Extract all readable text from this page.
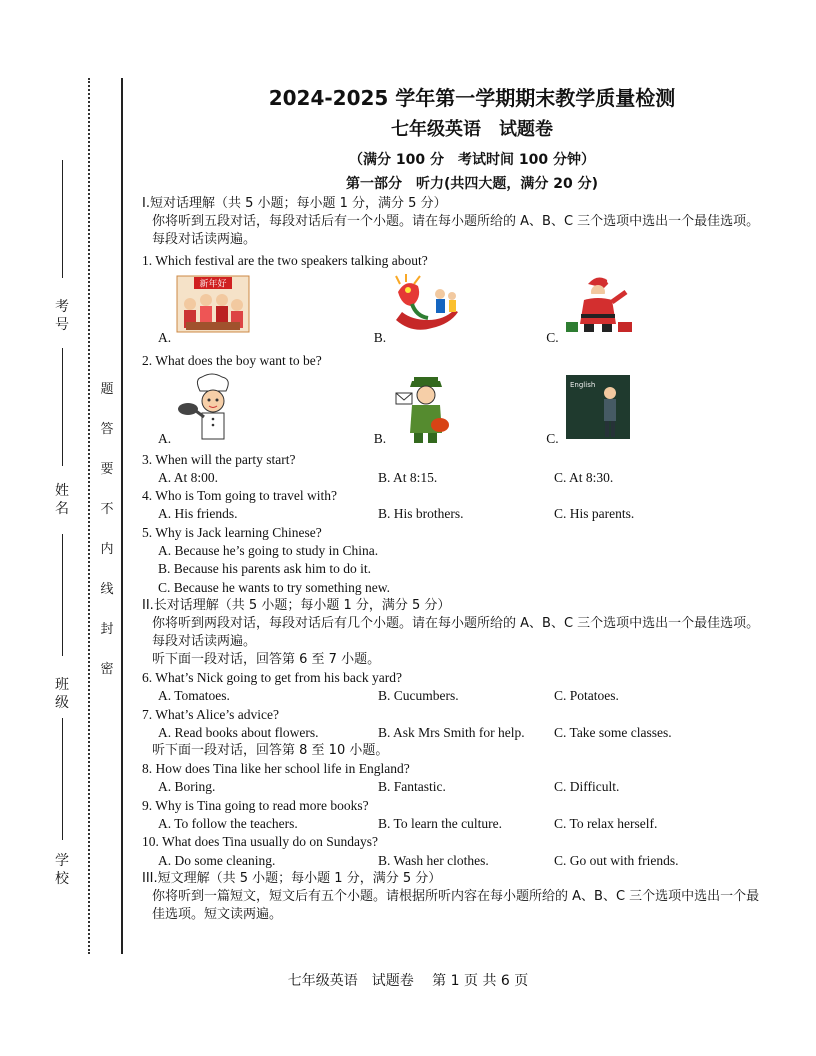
考号
姓名
班级
学校
题
答
要
不
内
线
封
密
2024-2025 学年第一学期期末教学质量检测
七年级英语　试题卷
（满分 100 分　考试时间 100 分钟）
第一部分　听力(共四大题，满分 20 分)
I.短对话理解（共 5 小题；每小题 1 分，满分 5 分）
你将听到五段对话，每段对话后有一个小题。请在每小题所给的 A、B、C 三个选项中选出一个最佳选项。每段对话读两遍。
1. Which festival are the two speakers talking about?
A.
新年好
B.	C.
2. What does the boy want to be?
A.	B.	C.
English
3. When will the party start?
A. At 8:00.	B. At 8:15.	C. At 8:30.
4. Who is Tom going to travel with?
A. His friends.	B. His brothers.	C. His parents.
5. Why is Jack learning Chinese?
A. Because he’s going to study in China.
B. Because his parents ask him to do it.
C. Because he wants to try something new.
II.长对话理解（共 5 小题；每小题 1 分，满分 5 分）
你将听到两段对话，每段对话后有几个小题。请在每小题所给的 A、B、C 三个选项中选出一个最佳选项。每段对话读两遍。
听下面一段对话，回答第 6 至 7 小题。
6. What’s Nick going to get from his back yard?
A. Tomatoes.	B. Cucumbers.	C. Potatoes.
7. What’s Alice’s advice?
A. Read books about flowers.	B. Ask Mrs Smith for help.	C. Take some classes.
听下面一段对话，回答第 8 至 10 小题。
8. How does Tina like her school life in England?
A. Boring.	B. Fantastic.	C. Difficult.
9. Why is Tina going to read more books?
A. To follow the teachers.	B. To learn the culture.	C. To relax herself.
10. What does Tina usually do on Sundays?
A. Do some cleaning.	B. Wash her clothes.	C. Go out with friends.
III.短文理解（共 5 小题；每小题 1 分，满分 5 分）
你将听到一篇短文，短文后有五个小题。请根据所听内容在每小题所给的 A、B、C 三个选项中选出一个最佳选项。短文读两遍。
七年级英语　试题卷　 第 1 页 共 6 页
